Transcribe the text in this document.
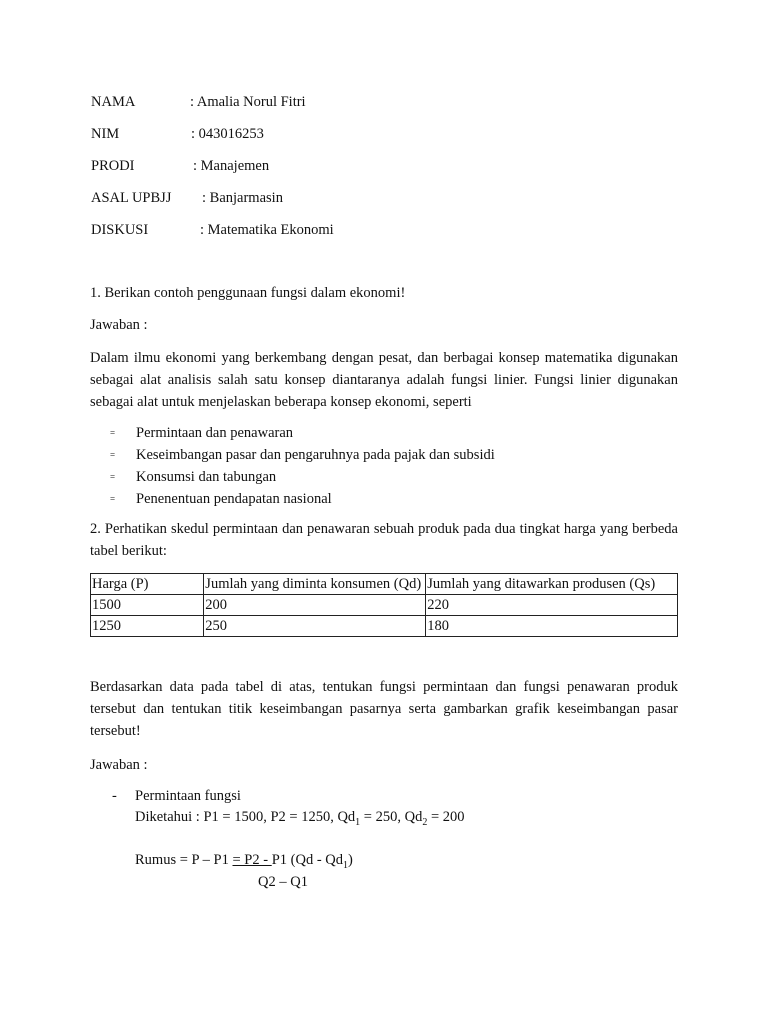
NAMA	: Amalia Norul Fitri
NIM	: 043016253
PRODI	: Manajemen
ASAL UPBJJ : Banjarmasin
DISKUSI	: Matematika Ekonomi
1. Berikan contoh penggunaan fungsi dalam ekonomi!
Jawaban :
Dalam ilmu ekonomi yang berkembang dengan pesat, dan berbagai konsep matematika digunakan sebagai alat analisis salah satu konsep diantaranya adalah fungsi linier. Fungsi linier digunakan sebagai alat untuk menjelaskan beberapa konsep ekonomi, seperti
= Permintaan dan penawaran
= Keseimbangan pasar dan pengaruhnya pada pajak dan subsidi
= Konsumsi dan tabungan
= Penenentuan pendapatan nasional
2. Perhatikan skedul permintaan dan penawaran sebuah produk pada dua tingkat harga yang berbeda tabel berikut:
Harga (P)	Jumlah yang diminta konsumen (Qd)	Jumlah yang ditawarkan produsen (Qs)
1500	200	220
1250	250	180
Berdasarkan data pada tabel di atas, tentukan fungsi permintaan dan fungsi penawaran produk tersebut dan tentukan titik keseimbangan pasarnya serta gambarkan grafik keseimbangan pasar tersebut!
Jawaban :
- Permintaan fungsi
Diketahui : P1 = 1500, P2 = 1250, $Qd_1 = 250$, $Qd_2 = 200$
Rumus = P – P1 = P2 - P1 $(Qd - Qd_1)$
Q2 – Q1
